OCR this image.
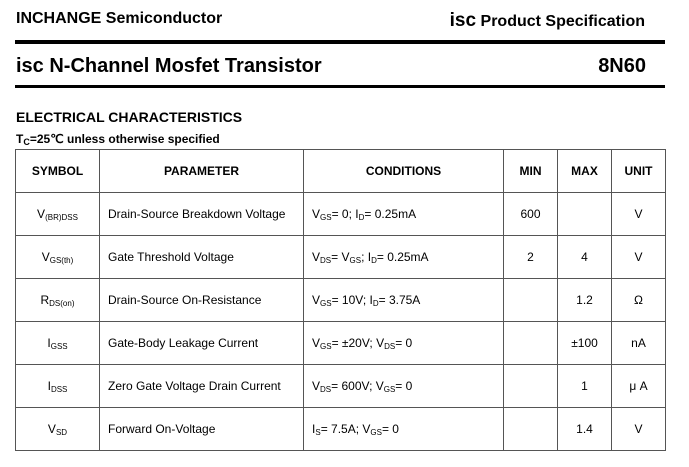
INCHANGE Semiconductor	isc Product Specification
isc N-Channel Mosfet Transistor	8N60
ELECTRICAL CHARACTERISTICS
$T_C=25℃$ unless otherwise specified
SYMBOL	PARAMETER	CONDITIONS	MIN	MAX	UNIT
$V_{(BR)DSS}$	Drain-Source Breakdown Voltage	$V_{GS}= 0$; $I_D= 0.25mA$	600		V
$V_{GS(th)}$	Gate Threshold Voltage	$V_{DS}= V_{GS}$; $I_D= 0.25mA$	2	4	V
$R_{DS(on)}$	Drain-Source On-Resistance	$V_{GS}= 10V$; $I_D= 3.75A$		1.2	Ω
$I_{GSS}$	Gate-Body Leakage Current	$V_{GS}= \pm 20V$; $V_{DS}= 0$		±100	nA
$I_{DSS}$	Zero Gate Voltage Drain Current	$V_{DS}= 600V$; $V_{GS}= 0$		1	μ A
$V_{SD}$	Forward On-Voltage	$I_S= 7.5A$; $V_{GS}= 0$		1.4	V
